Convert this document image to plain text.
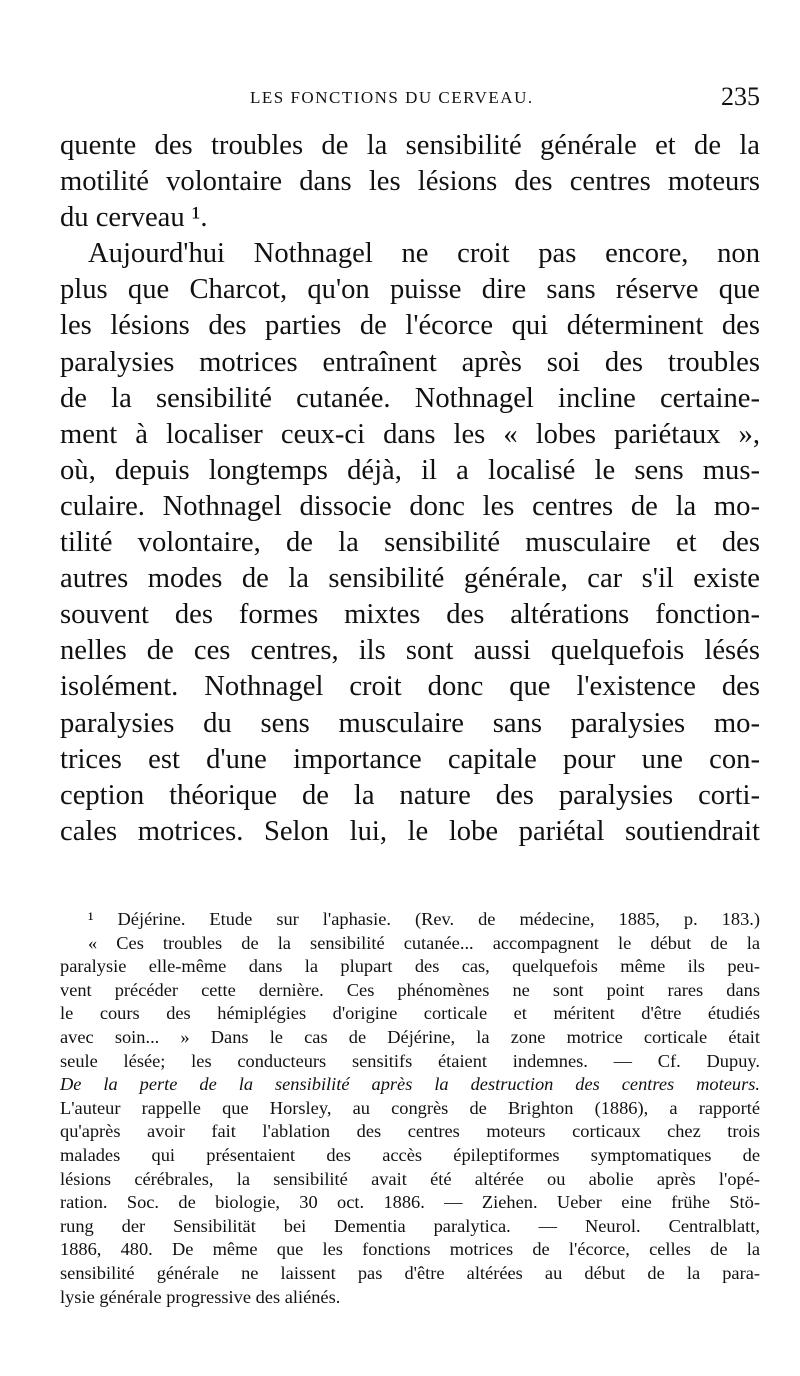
LES FONCTIONS DU CERVEAU.	235

quente des troubles de la sensibilité générale et de la

motilité volontaire dans les lésions des centres moteurs

du cerveau ¹.

Aujourd'hui Nothnagel ne croit pas encore, non

plus que Charcot, qu'on puisse dire sans réserve que

les lésions des parties de l'écorce qui déterminent des

paralysies motrices entraînent après soi des troubles

de la sensibilité cutanée. Nothnagel incline certaine-

ment à localiser ceux-ci dans les « lobes pariétaux »,

où, depuis longtemps déjà, il a localisé le sens mus-

culaire. Nothnagel dissocie donc les centres de la mo-

tilité volontaire, de la sensibilité musculaire et des

autres modes de la sensibilité générale, car s'il existe

souvent des formes mixtes des altérations fonction-

nelles de ces centres, ils sont aussi quelquefois lésés

isolément. Nothnagel croit donc que l'existence des

paralysies du sens musculaire sans paralysies mo-

trices est d'une importance capitale pour une con-

ception théorique de la nature des paralysies corti-

cales motrices. Selon lui, le lobe pariétal soutiendrait

¹ Déjérine. Etude sur l'aphasie. (Rev. de médecine, 1885, p. 183.)

« Ces troubles de la sensibilité cutanée... accompagnent le début de la

paralysie elle-même dans la plupart des cas, quelquefois même ils peu-

vent précéder cette dernière. Ces phénomènes ne sont point rares dans

le cours des hémiplégies d'origine corticale et méritent d'être étudiés

avec soin... » Dans le cas de Déjérine, la zone motrice corticale était

seule lésée; les conducteurs sensitifs étaient indemnes. — Cf. Dupuy.

De la perte de la sensibilité après la destruction des centres moteurs.

L'auteur rappelle que Horsley, au congrès de Brighton (1886), a rapporté

qu'après avoir fait l'ablation des centres moteurs corticaux chez trois

malades qui présentaient des accès épileptiformes symptomatiques de

lésions cérébrales, la sensibilité avait été altérée ou abolie après l'opé-

ration. Soc. de biologie, 30 oct. 1886. — Ziehen. Ueber eine frühe Stö-

rung der Sensibilität bei Dementia paralytica. — Neurol. Centralblatt,

1886, 480. De même que les fonctions motrices de l'écorce, celles de la

sensibilité générale ne laissent pas d'être altérées au début de la para-

lysie générale progressive des aliénés.
